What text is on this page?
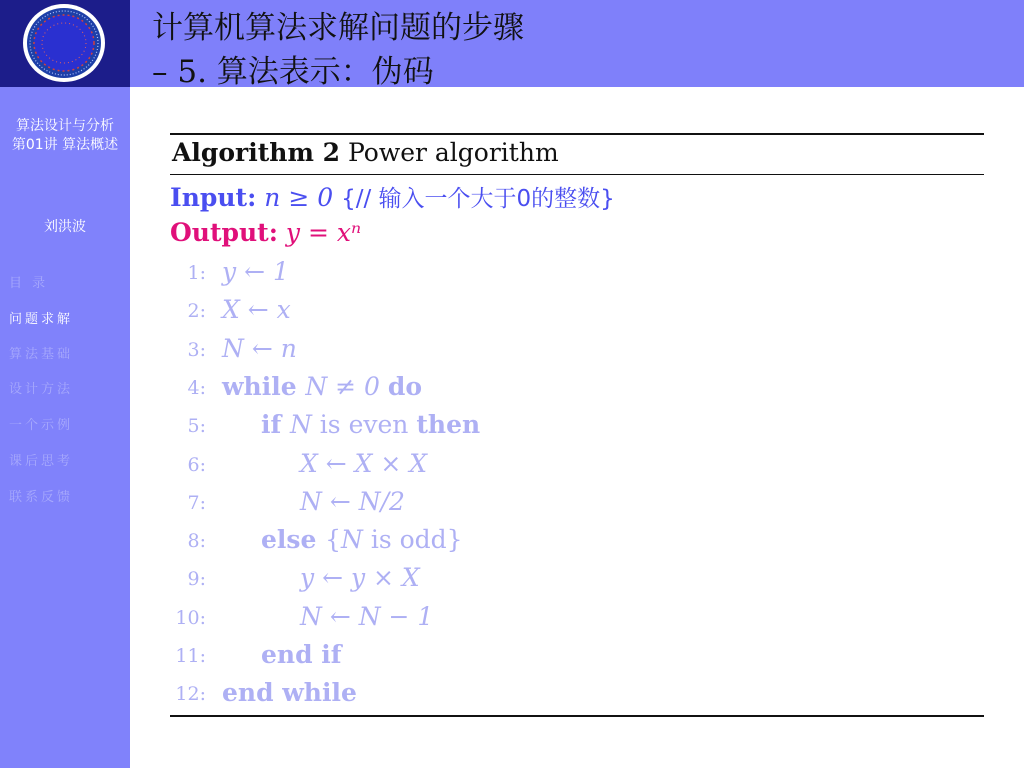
计算机算法求解问题的步骤
– 5. 算法表示：伪码
算法设计与分析
第01讲 算法概述
刘洪波
目 录
问题求解
算法基础
设计方法
一个示例
课后思考
联系反馈
Algorithm 2 Power algorithm
Input: n ≥ 0 {// 输入一个大于0的整数}
Output: y = xⁿ
1: y ← 1
2: X ← x
3: N ← n
4: while N ≠ 0 do
5: if N is even then
6:	X ← X × X
7:	N ← N/2
8: else {N is odd}
9:	y ← y × X
10:	N ← N − 1
11: end if
12: end while
